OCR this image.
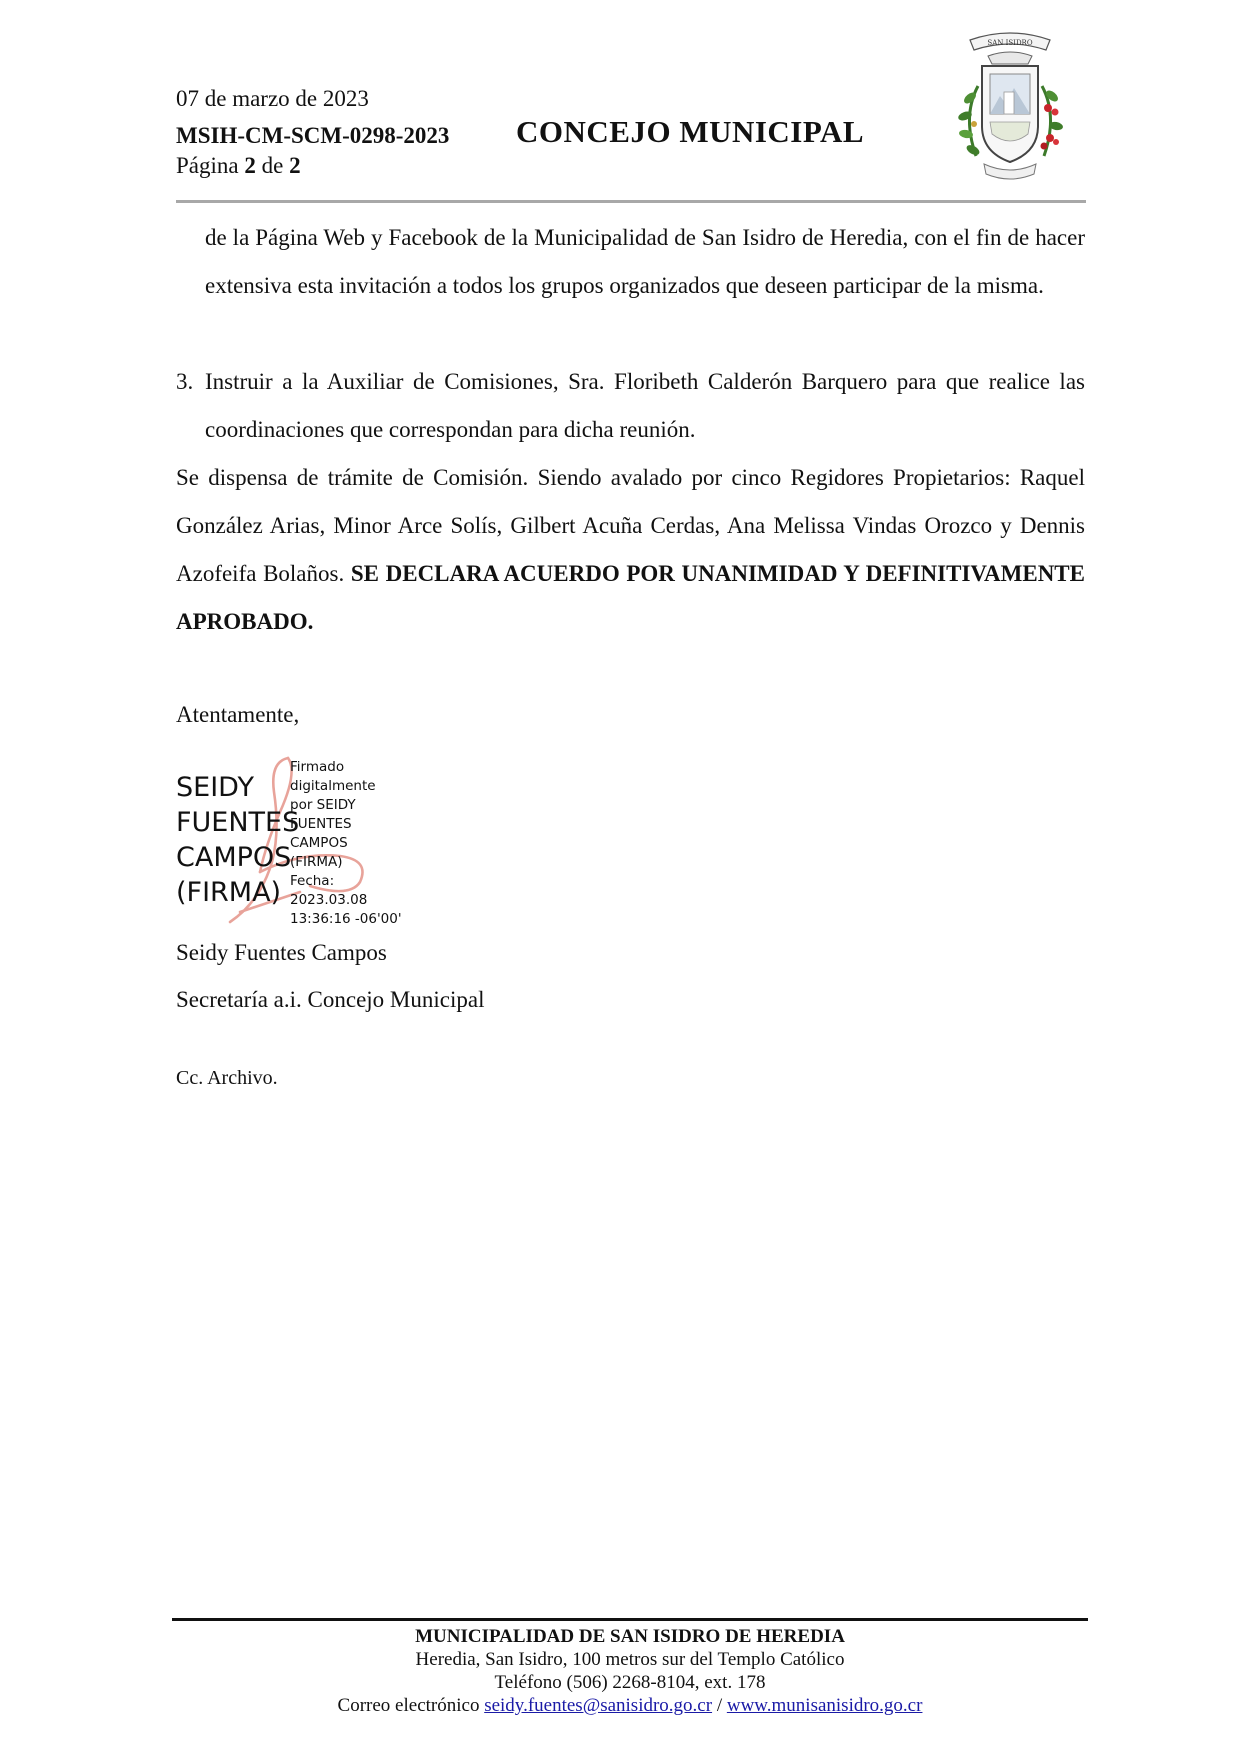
07 de marzo de 2023
MSIH-CM-SCM-0298-2023
Página 2 de 2
CONCEJO MUNICIPAL
SAN ISIDRO
de la Página Web y Facebook de la Municipalidad de San Isidro de Heredia, con el fin de hacer extensiva esta invitación a todos los grupos organizados que deseen participar de la misma.
3. Instruir a la Auxiliar de Comisiones, Sra. Floribeth Calderón Barquero para que realice las coordinaciones que correspondan para dicha reunión.
Se dispensa de trámite de Comisión. Siendo avalado por cinco Regidores Propietarios: Raquel González Arias, Minor Arce Solís, Gilbert Acuña Cerdas, Ana Melissa Vindas Orozco y Dennis Azofeifa Bolaños. SE DECLARA ACUERDO POR UNANIMIDAD Y DEFINITIVAMENTE APROBADO.
Atentamente,
SEIDY
FUENTES
CAMPOS
(FIRMA)
Firmado
digitalmente
por SEIDY
FUENTES
CAMPOS
(FIRMA)
Fecha:
2023.03.08
13:36:16 -06'00'
Seidy Fuentes Campos
Secretaría a.i. Concejo Municipal
Cc. Archivo.
MUNICIPALIDAD DE SAN ISIDRO DE HEREDIA
Heredia, San Isidro, 100 metros sur del Templo Católico
Teléfono (506) 2268-8104, ext. 178
Correo electrónico seidy.fuentes@sanisidro.go.cr / www.munisanisidro.go.cr
